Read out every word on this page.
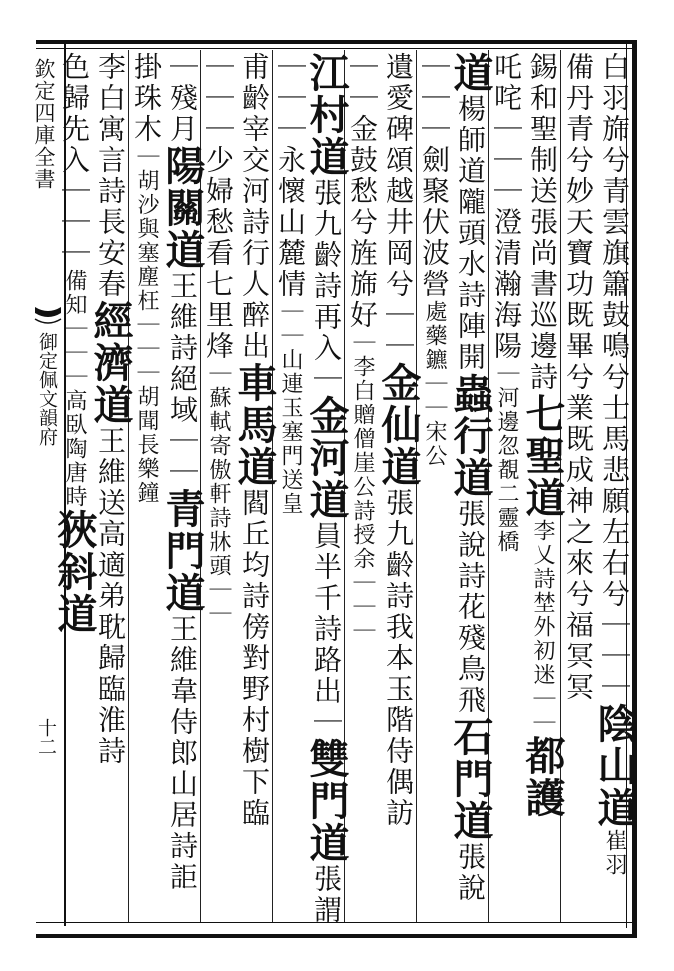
欽定四庫全書
御定佩文韻府
十二
白羽旆兮青雲旗簫鼓鳴兮士馬悲願左右兮｜｜｜陰山道崔羽
備丹青兮妙天寶功既畢兮業既成神之來兮福冥冥
錫和聖制送張尚書巡邊詩七聖道李乂詩埜外初迷｜｜都護
吒咤｜｜｜澄清瀚海陽｜河邊忽覩二靈橋
道楊師道隴頭水詩陣開蟲行道張說詩花殘鳥飛石門道張說
｜｜｜劍聚伏波營處藥鑣｜｜宋公
遺愛碑頌越井岡兮｜｜金仙道張九齡詩我本玉階侍偶訪
｜｜金鼓愁兮旌旆好｜李白贈僧崖公詩授余｜｜｜
江村道張九齡詩再入｜金河道員半千詩路出｜雙門道張謂
｜｜｜永懷山麓情｜｜山連玉塞門送皇
甫齡宰交河詩行人醉出車馬道閻丘均詩傍對野村樹下臨
｜｜｜少婦愁看七里烽｜蘇軾寄傲軒詩牀頭｜｜
｜殘月陽關道王維詩絕域｜｜青門道王維韋侍郎山居詩詎
掛珠木｜胡沙與塞塵枉｜｜｜胡聞長樂鐘
李白寓言詩長安春經濟道王維送高適弟耽歸臨淮詩
色歸先入｜｜｜備知｜｜｜高臥陶唐時狹斜道
